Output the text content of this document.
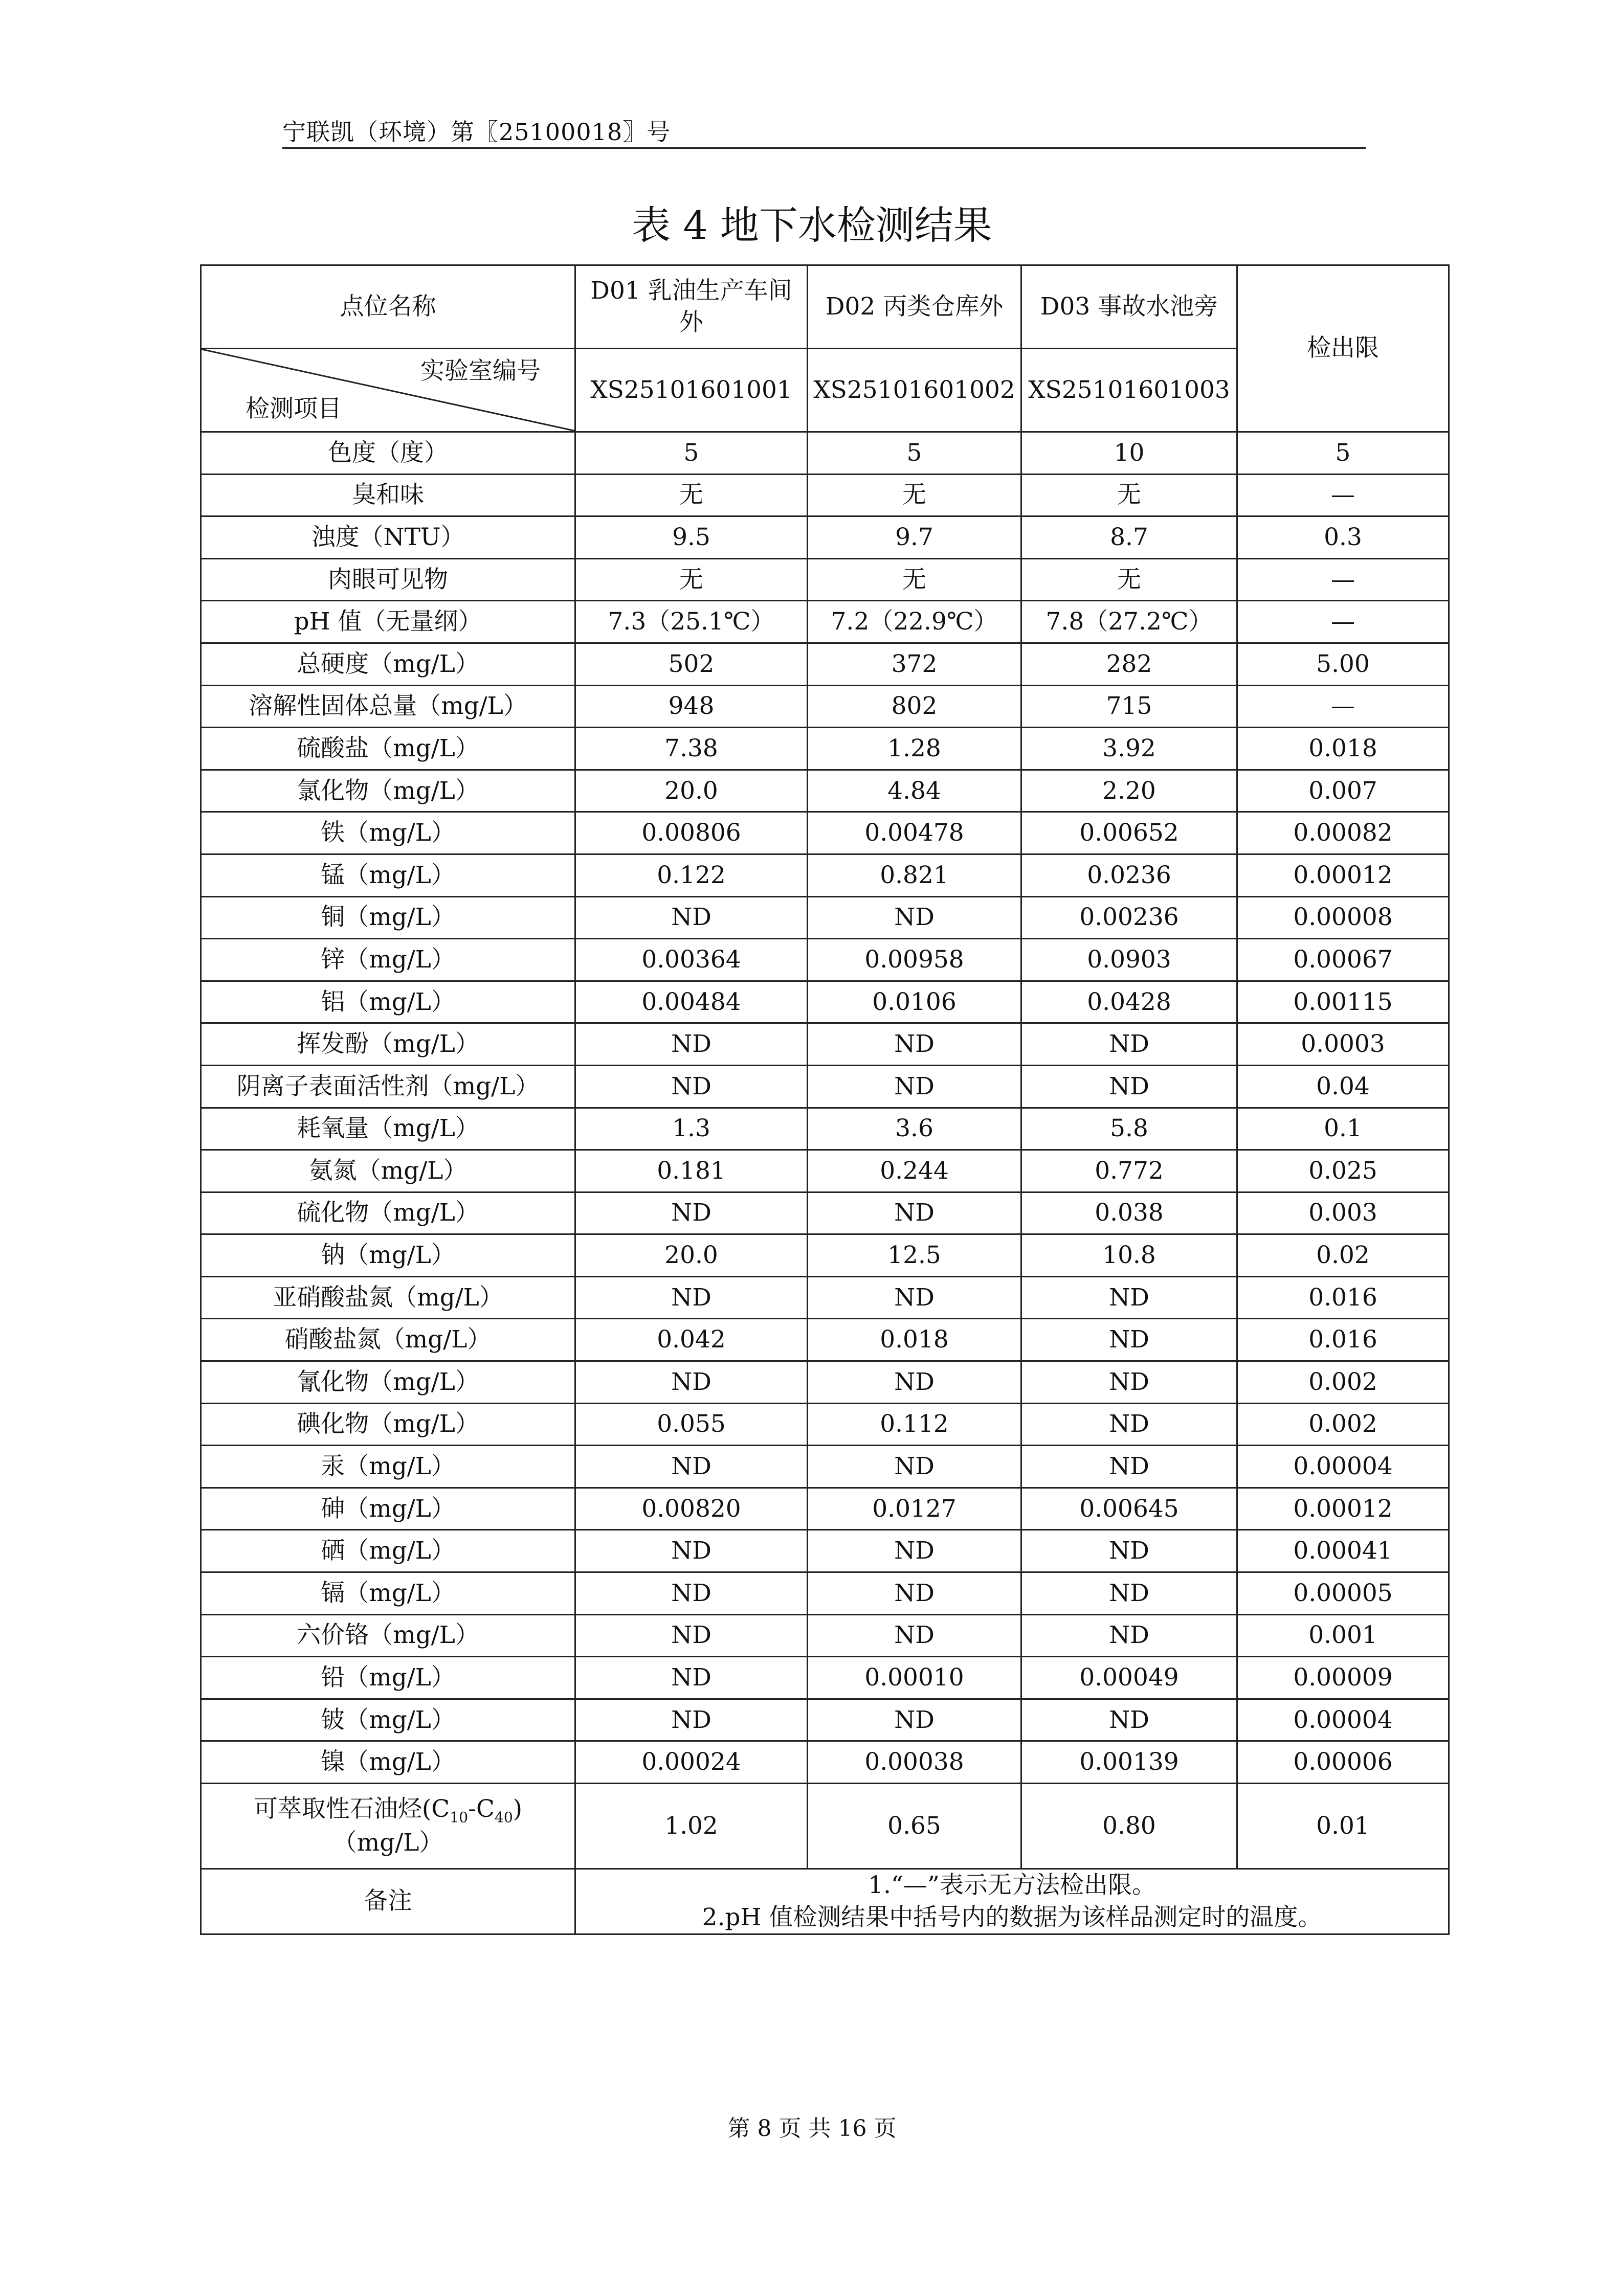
宁联凯（环境）第〖25100018〗号
表 4 地下水检测结果
点位名称	D01 乳油生产车间外	D02 丙类仓库外	D03 事故水池旁	检出限

实验室编号
检测项目	XS25101601001	XS25101601002	XS25101601003	
色度（度）	5	5	10	5
臭和味	无	无	无	—
浊度（NTU）	9.5	9.7	8.7	0.3
肉眼可见物	无	无	无	—
pH 值（无量纲）	7.3（25.1℃）	7.2（22.9℃）	7.8（27.2℃）	—
总硬度（mg/L）	502	372	282	5.00
溶解性固体总量（mg/L）	948	802	715	—
硫酸盐（mg/L）	7.38	1.28	3.92	0.018
氯化物（mg/L）	20.0	4.84	2.20	0.007
铁（mg/L）	0.00806	0.00478	0.00652	0.00082
锰（mg/L）	0.122	0.821	0.0236	0.00012
铜（mg/L）	ND	ND	0.00236	0.00008
锌（mg/L）	0.00364	0.00958	0.0903	0.00067
铝（mg/L）	0.00484	0.0106	0.0428	0.00115
挥发酚（mg/L）	ND	ND	ND	0.0003
阴离子表面活性剂（mg/L）	ND	ND	ND	0.04
耗氧量（mg/L）	1.3	3.6	5.8	0.1
氨氮（mg/L）	0.181	0.244	0.772	0.025
硫化物（mg/L）	ND	ND	0.038	0.003
钠（mg/L）	20.0	12.5	10.8	0.02
亚硝酸盐氮（mg/L）	ND	ND	ND	0.016
硝酸盐氮（mg/L）	0.042	0.018	ND	0.016
氰化物（mg/L）	ND	ND	ND	0.002
碘化物（mg/L）	0.055	0.112	ND	0.002
汞（mg/L）	ND	ND	ND	0.00004
砷（mg/L）	0.00820	0.0127	0.00645	0.00012
硒（mg/L）	ND	ND	ND	0.00041
镉（mg/L）	ND	ND	ND	0.00005
六价铬（mg/L）	ND	ND	ND	0.001
铅（mg/L）	ND	0.00010	0.00049	0.00009
铍（mg/L）	ND	ND	ND	0.00004
镍（mg/L）	0.00024	0.00038	0.00139	0.00006
可萃取性石油烃$(C_{10}-C_{40})$
（mg/L）	1.02	0.65	0.80	0.01
备注	1.“—”表示无方法检出限。
2.pH 值检测结果中括号内的数据为该样品测定时的温度。			
第 8 页 共 16 页
